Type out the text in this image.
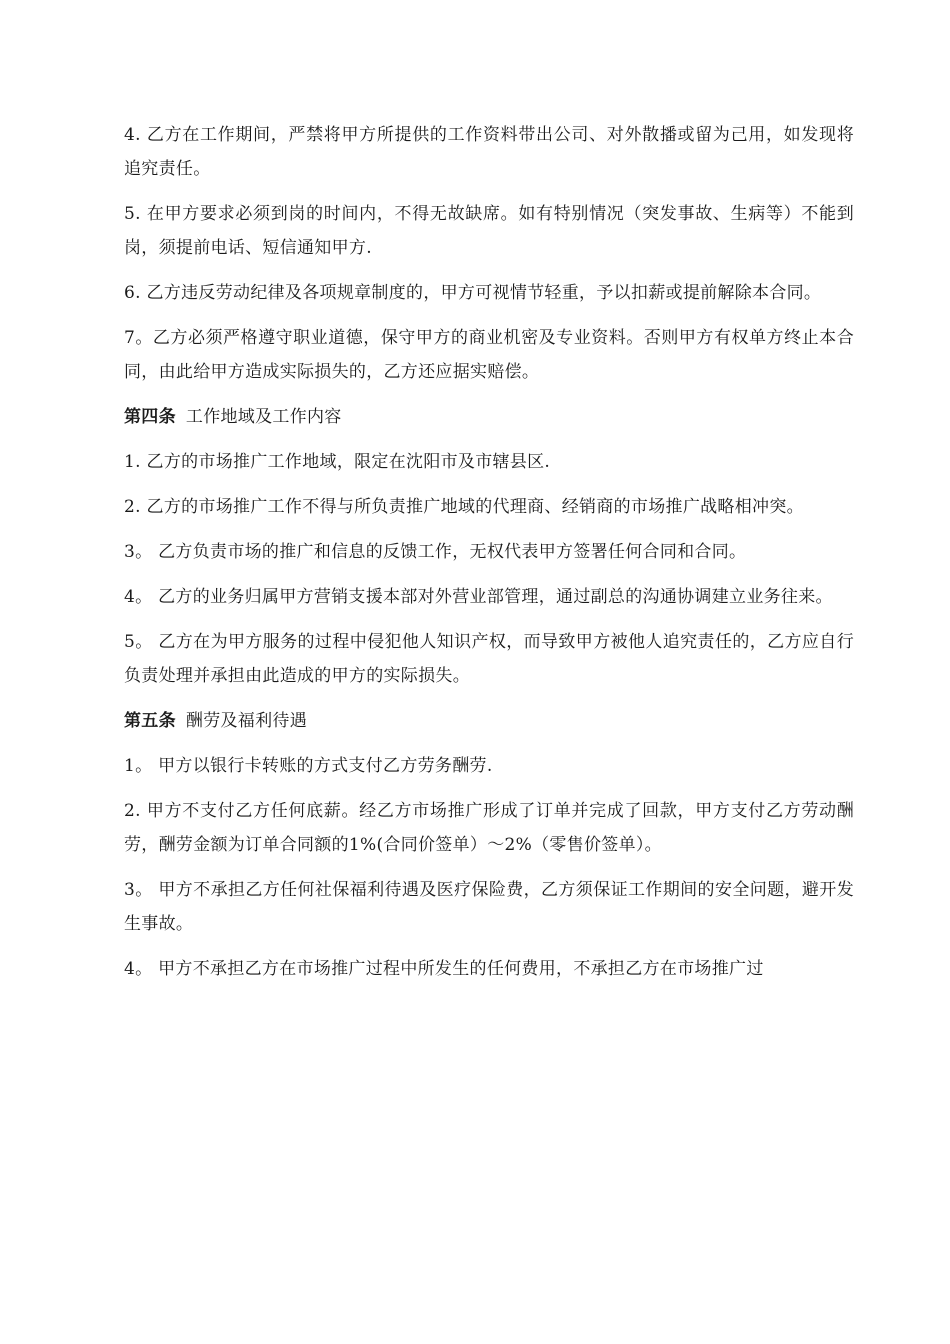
4. 乙方在工作期间，严禁将甲方所提供的工作资料带出公司、对外散播或留为己用，如发现将追究责任。

5. 在甲方要求必须到岗的时间内，不得无故缺席。如有特别情况（突发事故、生病等）不能到岗，须提前电话、短信通知甲方.

6. 乙方违反劳动纪律及各项规章制度的，甲方可视情节轻重，予以扣薪或提前解除本合同。

7。乙方必须严格遵守职业道德，保守甲方的商业机密及专业资料。否则甲方有权单方终止本合同，由此给甲方造成实际损失的，乙方还应据实赔偿。

第四条 工作地域及工作内容

1. 乙方的市场推广工作地域，限定在沈阳市及市辖县区.

2. 乙方的市场推广工作不得与所负责推广地域的代理商、经销商的市场推广战略相冲突。

3。 乙方负责市场的推广和信息的反馈工作，无权代表甲方签署任何合同和合同。

4。 乙方的业务归属甲方营销支援本部对外营业部管理，通过副总的沟通协调建立业务往来。

5。 乙方在为甲方服务的过程中侵犯他人知识产权，而导致甲方被他人追究责任的，乙方应自行负责处理并承担由此造成的甲方的实际损失。

第五条 酬劳及福利待遇

1。 甲方以银行卡转账的方式支付乙方劳务酬劳.

2. 甲方不支付乙方任何底薪。经乙方市场推广形成了订单并完成了回款，甲方支付乙方劳动酬劳，酬劳金额为订单合同额的1%(合同价签单）～2%（零售价签单）。

3。 甲方不承担乙方任何社保福利待遇及医疗保险费，乙方须保证工作期间的安全问题，避开发生事故。

4。 甲方不承担乙方在市场推广过程中所发生的任何费用，不承担乙方在市场推广过
